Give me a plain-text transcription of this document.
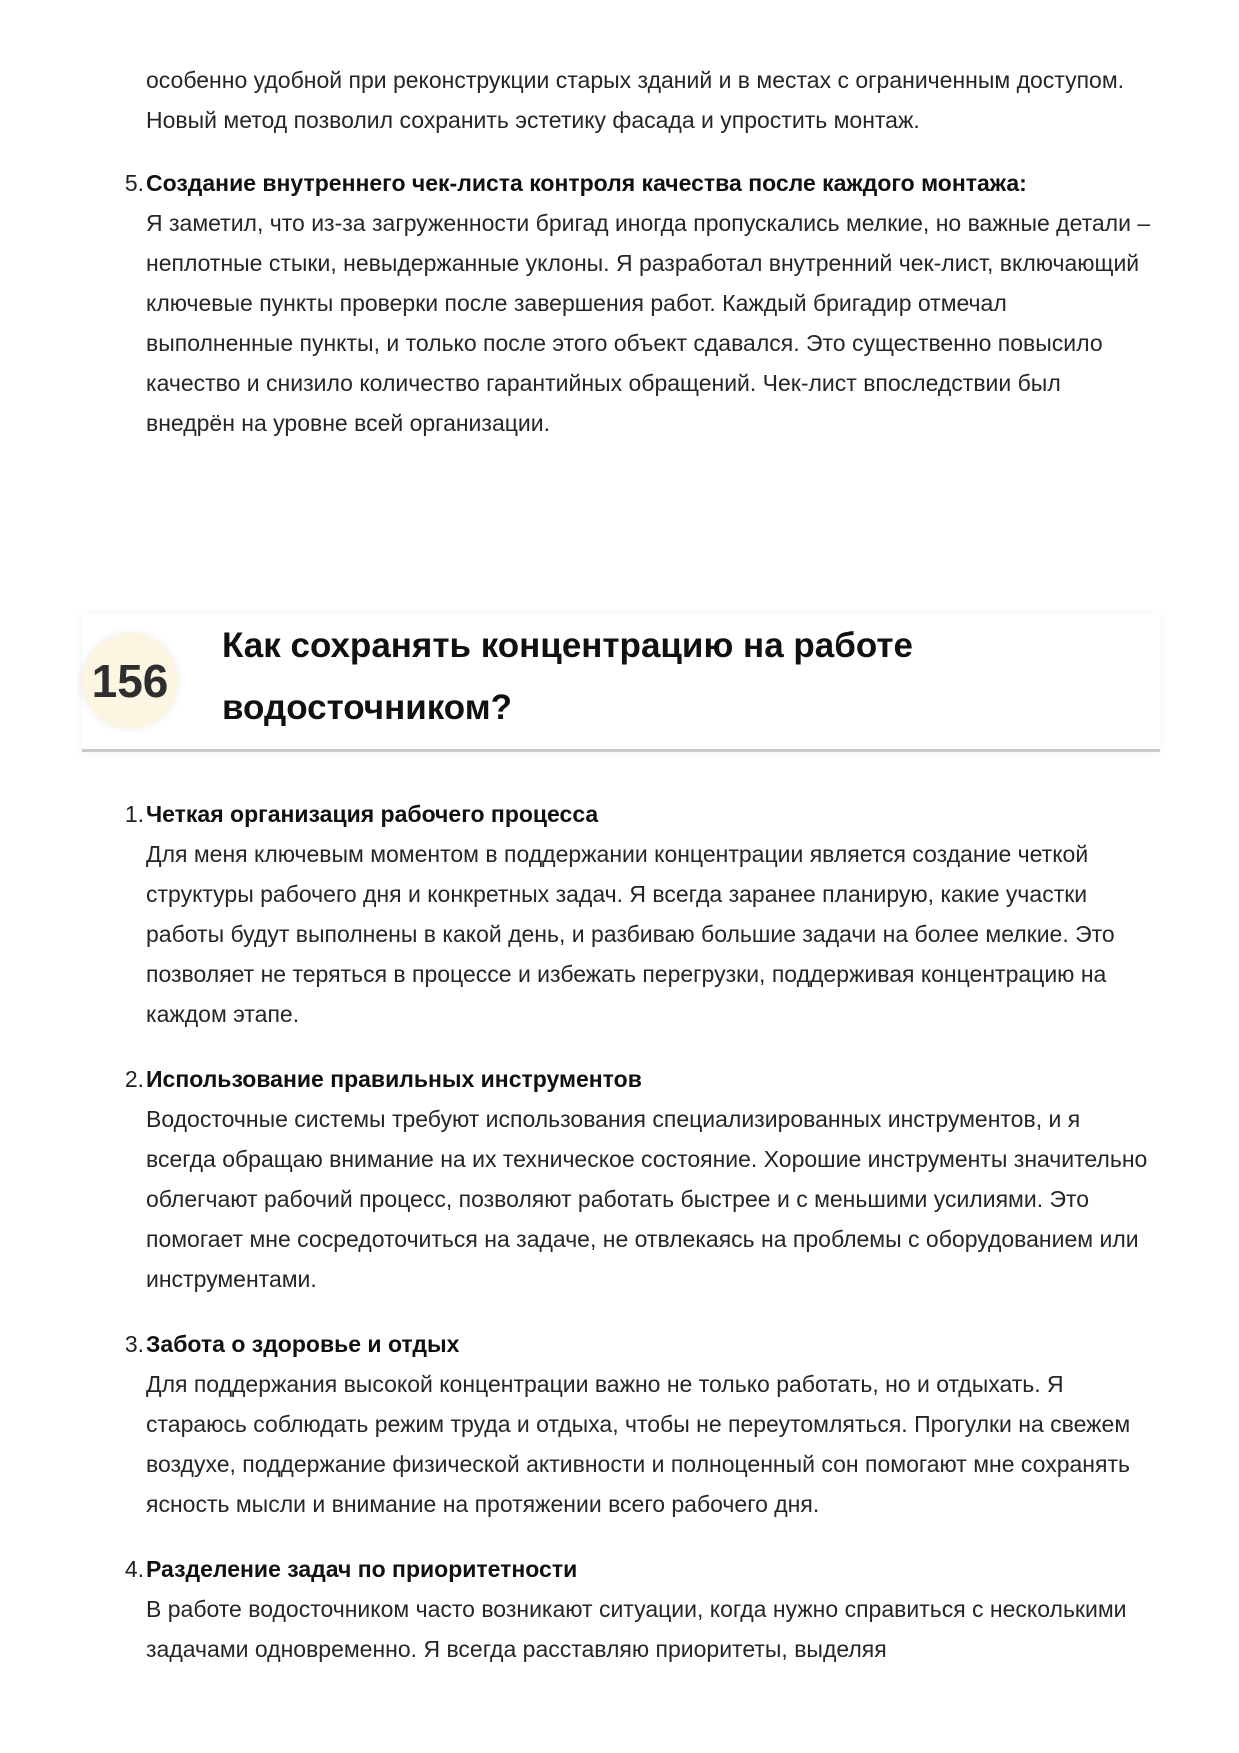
особенно удобной при реконструкции старых зданий и в местах с ограниченным доступом. Новый метод позволил сохранить эстетику фасада и упростить монтаж.

5. Создание внутреннего чек-листа контроля качества после каждого монтажа:
Я заметил, что из-за загруженности бригад иногда пропускались мелкие, но важные детали – неплотные стыки, невыдержанные уклоны. Я разработал внутренний чек-лист, включающий ключевые пункты проверки после завершения работ. Каждый бригадир отмечал выполненные пункты, и только после этого объект сдавался. Это существенно повысило качество и снизило количество гарантийных обращений. Чек-лист впоследствии был внедрён на уровне всей организации.
156
Как сохранять концентрацию на работе водосточником?
1. Четкая организация рабочего процесса
Для меня ключевым моментом в поддержании концентрации является создание четкой структуры рабочего дня и конкретных задач. Я всегда заранее планирую, какие участки работы будут выполнены в какой день, и разбиваю большие задачи на более мелкие. Это позволяет не теряться в процессе и избежать перегрузки, поддерживая концентрацию на каждом этапе.
2. Использование правильных инструментов
Водосточные системы требуют использования специализированных инструментов, и я всегда обращаю внимание на их техническое состояние. Хорошие инструменты значительно облегчают рабочий процесс, позволяют работать быстрее и с меньшими усилиями. Это помогает мне сосредоточиться на задаче, не отвлекаясь на проблемы с оборудованием или инструментами.
3. Забота о здоровье и отдых
Для поддержания высокой концентрации важно не только работать, но и отдыхать. Я стараюсь соблюдать режим труда и отдыха, чтобы не переутомляться. Прогулки на свежем воздухе, поддержание физической активности и полноценный сон помогают мне сохранять ясность мысли и внимание на протяжении всего рабочего дня.
4. Разделение задач по приоритетности
В работе водосточником часто возникают ситуации, когда нужно справиться с несколькими задачами одновременно. Я всегда расставляю приоритеты, выделяя
